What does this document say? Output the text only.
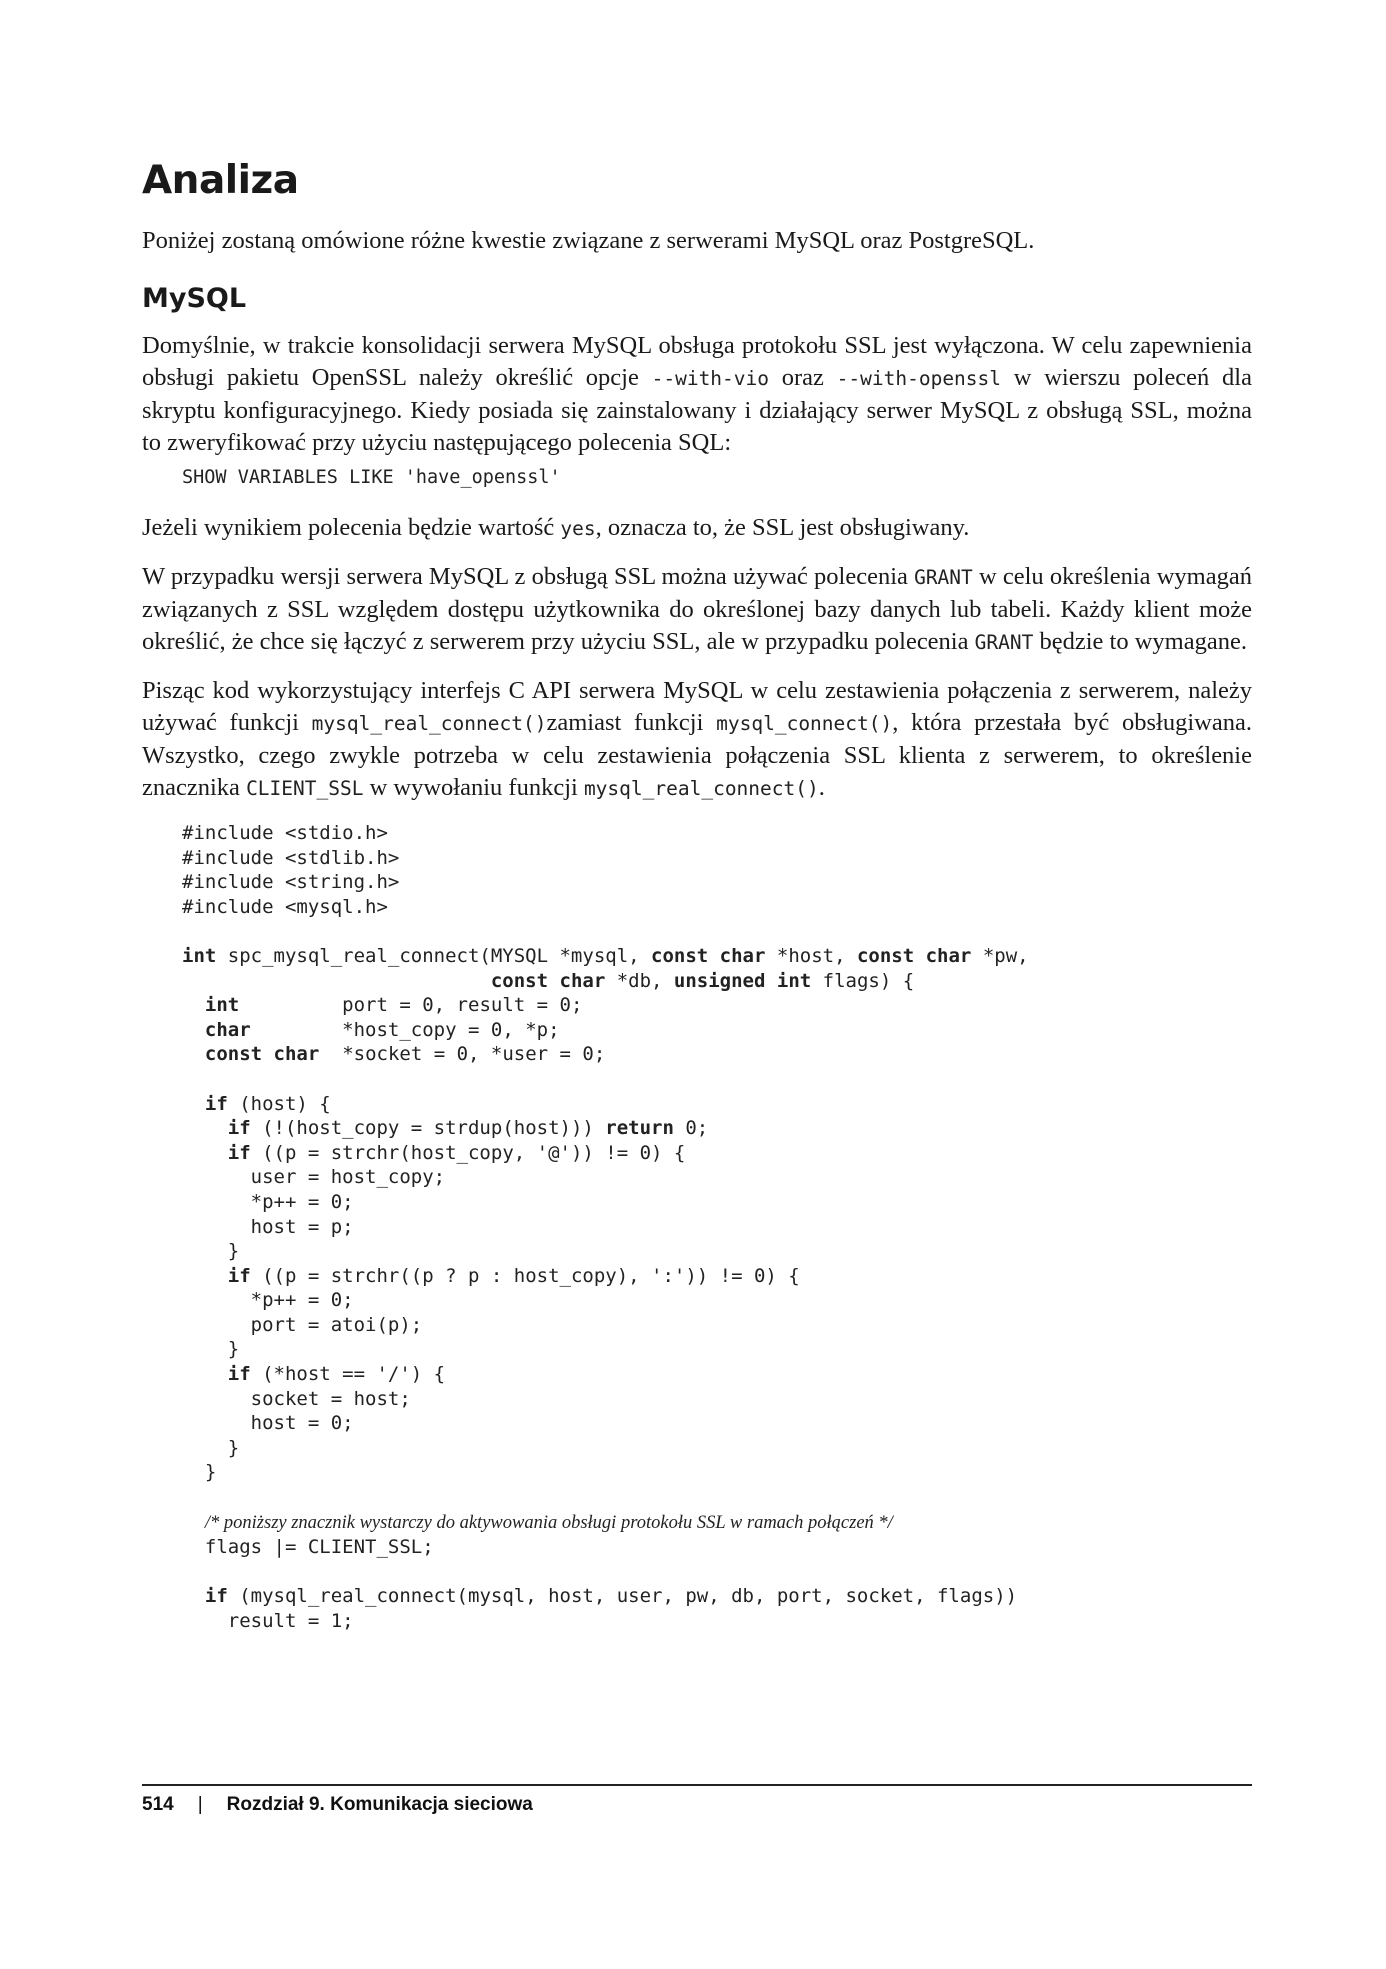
Analiza

Poniżej zostaną omówione różne kwestie związane z serwerami MySQL oraz PostgreSQL.

MySQL

Domyślnie, w trakcie konsolidacji serwera MySQL obsługa protokołu SSL jest wyłączona. W celu zapewnienia obsługi pakietu OpenSSL należy określić opcje --with-vio oraz --with-openssl w wierszu poleceń dla skryptu konfiguracyjnego. Kiedy posiada się zainstalowany i działający serwer MySQL z obsługą SSL, można to zweryfikować przy użyciu następującego polecenia SQL:

SHOW VARIABLES LIKE 'have_openssl'

Jeżeli wynikiem polecenia będzie wartość yes, oznacza to, że SSL jest obsługiwany.

W przypadku wersji serwera MySQL z obsługą SSL można używać polecenia GRANT w celu określenia wymagań związanych z SSL względem dostępu użytkownika do określonej bazy danych lub tabeli. Każdy klient może określić, że chce się łączyć z serwerem przy użyciu SSL, ale w przypadku polecenia GRANT będzie to wymagane.

Pisząc kod wykorzystujący interfejs C API serwera MySQL w celu zestawienia połączenia z serwerem, należy używać funkcji mysql_real_connect()zamiast funkcji mysql_connect(), która przestała być obsługiwana. Wszystko, czego zwykle potrzeba w celu zestawienia połączenia SSL klienta z serwerem, to określenie znacznika CLIENT_SSL w wywołaniu funkcji mysql_real_connect().

#include <stdio.h>
#include <stdlib.h>
#include <string.h>
#include <mysql.h>

int spc_mysql_real_connect(MYSQL *mysql, const char *host, const char *pw,
const char *db, unsigned int flags) {
int	port = 0, result = 0;
char	*host_copy = 0, *p;
const char *socket = 0, *user = 0;

if (host) {
if (!(host_copy = strdup(host))) return 0;
if ((p = strchr(host_copy, '@')) != 0) {
user = host_copy;
*p++ = 0;
host = p;
}
if ((p = strchr((p ? p : host_copy), ':')) != 0) {
*p++ = 0;
port = atoi(p);
}
if (*host == '/') {
socket = host;
host = 0;
}
}

/* poniższy znacznik wystarczy do aktywowania obsługi protokołu SSL w ramach połączeń */
flags |= CLIENT_SSL;

if (mysql_real_connect(mysql, host, user, pw, db, port, socket, flags))
result = 1;
514 | Rozdział 9. Komunikacja sieciowa
